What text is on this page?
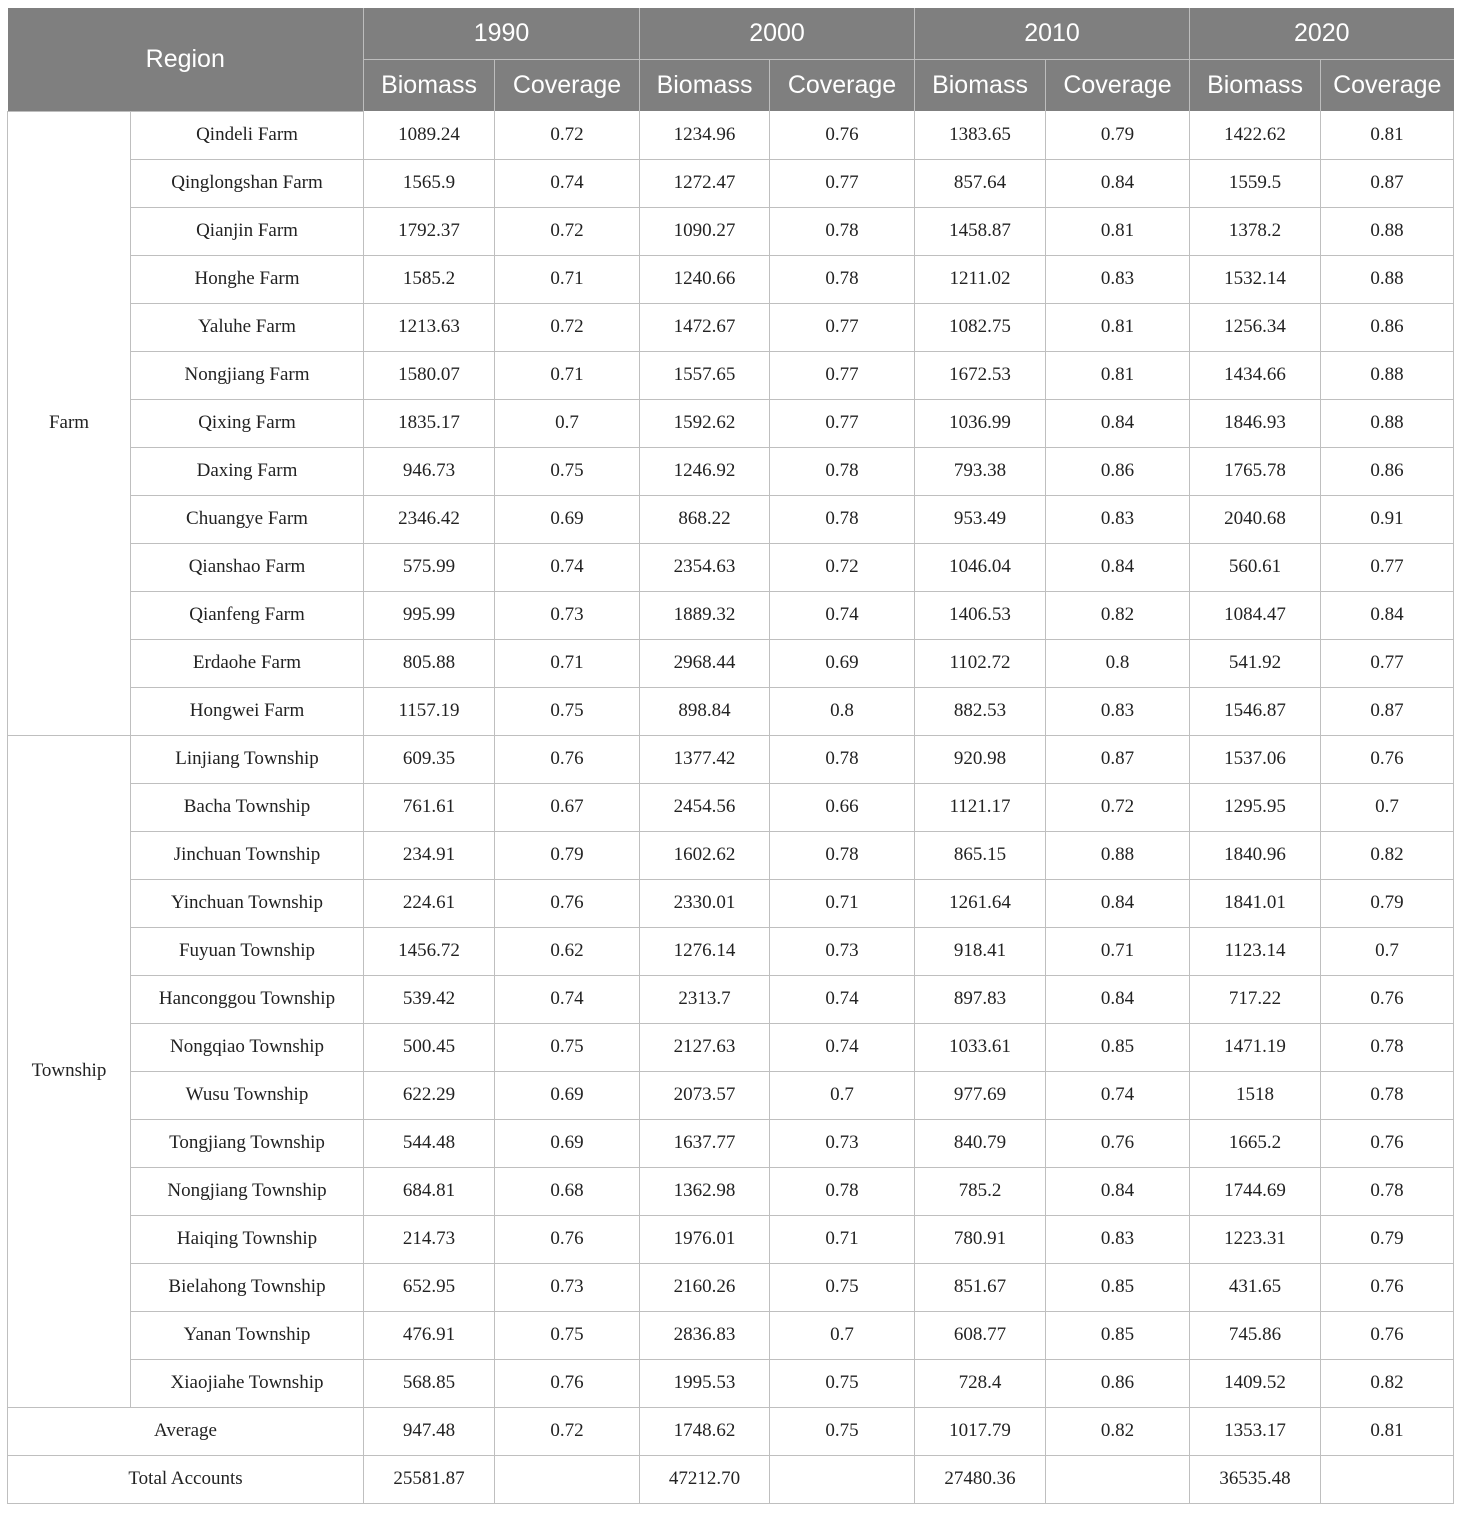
Region		1990		2000		2010		2020	
		Biomass	Coverage	Biomass	Coverage	Biomass	Coverage	Biomass	Coverage
Farm	Qindeli Farm	1089.24	0.72	1234.96	0.76	1383.65	0.79	1422.62	0.81
	Qinglongshan Farm	1565.9	0.74	1272.47	0.77	857.64	0.84	1559.5	0.87
	Qianjin Farm	1792.37	0.72	1090.27	0.78	1458.87	0.81	1378.2	0.88
	Honghe Farm	1585.2	0.71	1240.66	0.78	1211.02	0.83	1532.14	0.88
	Yaluhe Farm	1213.63	0.72	1472.67	0.77	1082.75	0.81	1256.34	0.86
	Nongjiang Farm	1580.07	0.71	1557.65	0.77	1672.53	0.81	1434.66	0.88
	Qixing Farm	1835.17	0.7	1592.62	0.77	1036.99	0.84	1846.93	0.88
	Daxing Farm	946.73	0.75	1246.92	0.78	793.38	0.86	1765.78	0.86
	Chuangye Farm	2346.42	0.69	868.22	0.78	953.49	0.83	2040.68	0.91
	Qianshao Farm	575.99	0.74	2354.63	0.72	1046.04	0.84	560.61	0.77
	Qianfeng Farm	995.99	0.73	1889.32	0.74	1406.53	0.82	1084.47	0.84
	Erdaohe Farm	805.88	0.71	2968.44	0.69	1102.72	0.8	541.92	0.77
	Hongwei Farm	1157.19	0.75	898.84	0.8	882.53	0.83	1546.87	0.87
Township	Linjiang Township	609.35	0.76	1377.42	0.78	920.98	0.87	1537.06	0.76
	Bacha Township	761.61	0.67	2454.56	0.66	1121.17	0.72	1295.95	0.7
	Jinchuan Township	234.91	0.79	1602.62	0.78	865.15	0.88	1840.96	0.82
	Yinchuan Township	224.61	0.76	2330.01	0.71	1261.64	0.84	1841.01	0.79
	Fuyuan Township	1456.72	0.62	1276.14	0.73	918.41	0.71	1123.14	0.7
	Hanconggou Township	539.42	0.74	2313.7	0.74	897.83	0.84	717.22	0.76
	Nongqiao Township	500.45	0.75	2127.63	0.74	1033.61	0.85	1471.19	0.78
	Wusu Township	622.29	0.69	2073.57	0.7	977.69	0.74	1518	0.78
	Tongjiang Township	544.48	0.69	1637.77	0.73	840.79	0.76	1665.2	0.76
	Nongjiang Township	684.81	0.68	1362.98	0.78	785.2	0.84	1744.69	0.78
	Haiqing Township	214.73	0.76	1976.01	0.71	780.91	0.83	1223.31	0.79
	Bielahong Township	652.95	0.73	2160.26	0.75	851.67	0.85	431.65	0.76
	Yanan Township	476.91	0.75	2836.83	0.7	608.77	0.85	745.86	0.76
	Xiaojiahe Township	568.85	0.76	1995.53	0.75	728.4	0.86	1409.52	0.82
Average		947.48	0.72	1748.62	0.75	1017.79	0.82	1353.17	0.81
Total Accounts		25581.87		47212.70		27480.36		36535.48	
